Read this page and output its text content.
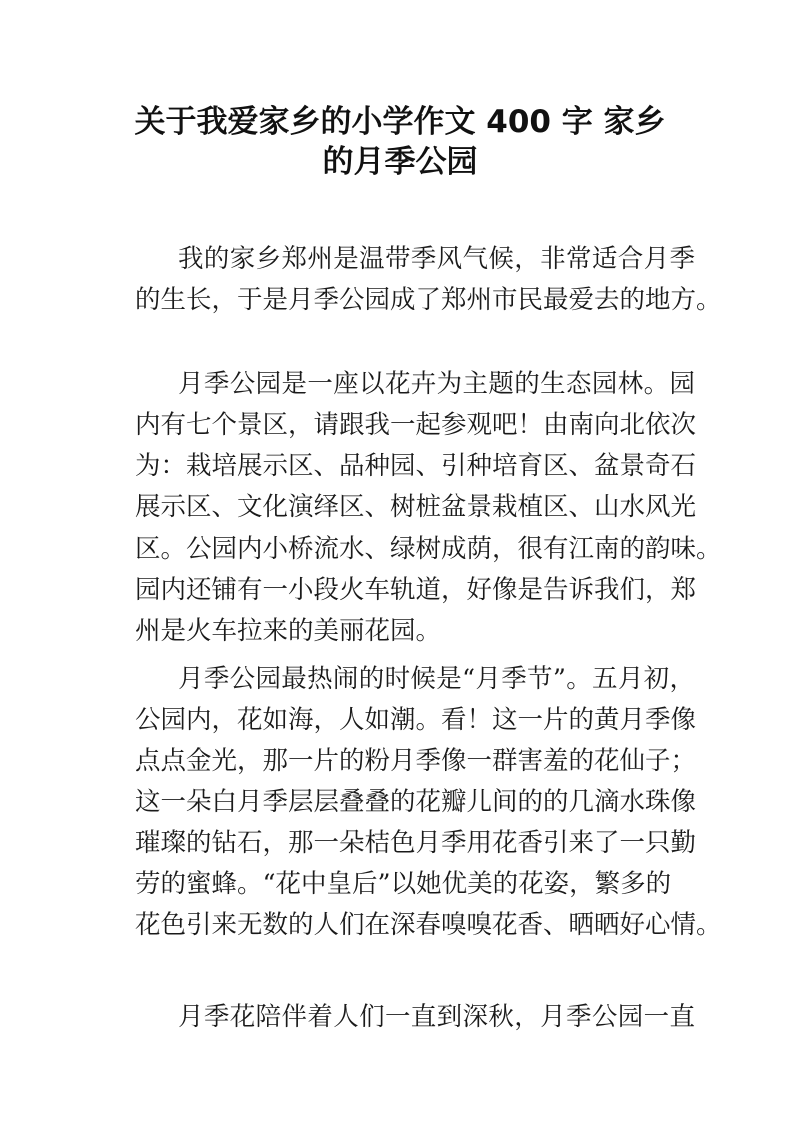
关于我爱家乡的小学作文 400 字 家乡
的月季公园
我的家乡郑州是温带季风气候，非常适合月季
的生长，于是月季公园成了郑州市民最爱去的地方。
月季公园是一座以花卉为主题的生态园林。园
内有七个景区，请跟我一起参观吧！由南向北依次
为：栽培展示区、品种园、引种培育区、盆景奇石
展示区、文化演绎区、树桩盆景栽植区、山水风光
区。公园内小桥流水、绿树成荫，很有江南的韵味。
园内还铺有一小段火车轨道，好像是告诉我们，郑
州是火车拉来的美丽花园。
月季公园最热闹的时候是“月季节”。五月初，
公园内，花如海，人如潮。看！这一片的黄月季像
点点金光，那一片的粉月季像一群害羞的花仙子；
这一朵白月季层层叠叠的花瓣儿间的的几滴水珠像
璀璨的钻石，那一朵桔色月季用花香引来了一只勤
劳的蜜蜂。“花中皇后”以她优美的花姿，繁多的
花色引来无数的人们在深春嗅嗅花香、晒晒好心情。
月季花陪伴着人们一直到深秋，月季公园一直
